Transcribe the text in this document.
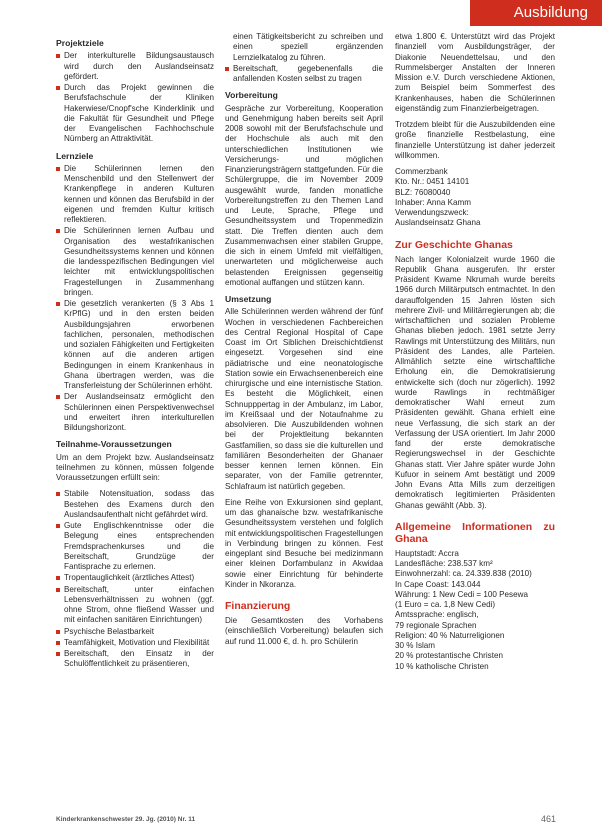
Ausbildung
Projektziele
Der interkulturelle Bildungsaustausch wird durch den Auslandseinsatz gefördert.
Durch das Projekt gewinnen die Berufsfachschule der Kliniken Hakerwiese/Cnopf'sche Kinderklinik und die Fakultät für Gesundheit und Pflege der Evangelischen Fachhochschule Nürnberg an Attraktivität.
Lernziele
Die Schülerinnen lernen den Menschenbild und den Stellenwert der Krankenpflege in anderen Kulturen kennen und können das Berufsbild in der eigenen und fremden Kultur kritisch reflektieren.
Die Schülerinnen lernen Aufbau und Organisation des westafrikanischen Gesundheitssystems kennen und können die landesspezifischen Bedingungen viel leichter mit entwicklungspolitischen Fragestellungen in Zusammenhang bringen.
Die gesetzlich verankerten (§ 3 Abs 1 KrPflG) und in den ersten beiden Ausbildungsjahren erworbenen fachlichen, personalen, methodischen und sozialen Fähigkeiten und Fertigkeiten können auf die anderen artigen Bedingungen in einem Krankenhaus in Ghana übertragen werden, was die Transferleistung der Schülerinnen erhöht.
Der Auslandseinsatz ermöglicht den Schülerinnen einen Perspektivenwechsel und erweitert ihren interkulturellen Bildungshorizont.
Teilnahme-Voraussetzungen

Um an dem Projekt bzw. Auslandseinsatz teilnehmen zu können, müssen folgende Voraussetzungen erfüllt sein:

Stabile Notensituation, sodass das Bestehen des Examens durch den Auslandsaufenthalt nicht gefährdet wird.
Gute Englischkenntnisse oder die Belegung eines entsprechenden Fremdsprachenkurses und die Bereitschaft, Grundzüge der Fantisprache zu erlernen.
Tropentauglichkeit (ärztliches Attest)
Bereitschaft, unter einfachen Lebensverhältnissen zu wohnen (ggf. ohne Strom, ohne fließend Wasser und mit einfachen sanitären Einrichtungen)
Psychische Belastbarkeit
Teamfähigkeit, Motivation und Flexibilität
Bereitschaft, den Einsatz in der Schulöffentlichkeit zu präsentieren,
einen Tätigkeitsbericht zu schreiben und einen speziell ergänzenden Lernzielkatalog zu führen.
Bereitschaft, gegebenenfalls die anfallenden Kosten selbst zu tragen
Vorbereitung

Gespräche zur Vorbereitung, Kooperation und Genehmigung haben bereits seit April 2008 sowohl mit der Berufsfachschule und der Hochschule als auch mit den unterschiedlichen Institutionen wie Versicherungs- und möglichen Finanzierungsträgern stattgefunden. Für die Schülergruppe, die im November 2009 ausgewählt wurde, fanden monatliche Vorbereitungstreffen zu den Themen Land und Leute, Sprache, Pflege und Gesundheitssystem und Tropenmedizin statt. Die Treffen dienten auch dem Zusammenwachsen einer stabilen Gruppe, die sich in einem Umfeld mit vielfältigen, unerwarteten und möglicherweise auch belastenden Ereignissen gegenseitig emotional auffangen und stützen kann.

Umsetzung

Alle Schülerinnen werden während der fünf Wochen in verschiedenen Fachbereichen des Central Regional Hospital of Cape Coast im Ort Siblichen Dreischichtdienst eingesetzt. Vorgesehen sind eine pädiatrische und eine neonatologische Station sowie ein Erwachsenenbereich eine chirurgische und eine internistische Station. Es besteht die Möglichkeit, einen Schnupppertag in der Ambulanz, im Labor, im Kreißsaal und der Notaufnahme zu absolvieren. Die Auszubildenden wohnen bei der Projektleitung bekannten Gastfamilien, so dass sie die kulturellen und familiären Besonderheiten der Ghanaer besser kennen lernen können. Ein separater, von der Familie getrennter, Schlafraum ist natürlich gegeben.

Eine Reihe von Exkursionen sind geplant, um das ghanaische bzw. westafrikanische Gesundheitssystem verstehen und folglich mit entwicklungspolitischen Fragestellungen in Verbindung bringen zu können. Fest eingeplant sind Besuche bei medizinmann einer kleinen Dorfambulanz in Akwidaa sowie einer Einrichtung für behinderte Kinder in Nkoranza.

Finanzierung

Die Gesamtkosten des Vorhabens (einschließlich Vorbereitung) belaufen sich auf rund 11.000 €, d. h. pro Schülerin

etwa 1.800 €. Unterstützt wird das Projekt finanziell vom Ausbildungsträger, der Diakonie Neuendettelsau, und den Rummelsberger Anstalten der Inneren Mission e.V. Durch verschiedene Aktionen, zum Beispiel beim Sommerfest des Krankenhauses, haben die Schülerinnen eigenständig zum Finanzierbeigetragen.

Trotzdem bleibt für die Auszubildenden eine große finanzielle Restbelastung, eine finanzielle Unterstützung ist daher jederzeit willkommen.

Commerzbank
Kto. Nr.: 0451 14101
BLZ: 76080040
Inhaber: Anna Kamm
Verwendungszweck:
Auslandseinsatz Ghana
Zur Geschichte Ghanas

Nach langer Kolonialzeit wurde 1960 die Republik Ghana ausgerufen. Ihr erster Präsident Kwame Nkrumah wurde bereits 1966 durch Militärputsch entmachtet. In den darauffolgenden 15 Jahren lösten sich mehrere Zivil- und Militärregierungen ab; die wirtschaftlichen und sozialen Probleme Ghanas blieben jedoch. 1981 setzte Jerry Rawlings mit Unterstützung des Militärs, nun Präsident des Landes, alle Parteien. Allmählich setzte eine wirtschaftliche Erholung ein, die Demokratisierung entwickelte sich (doch nur zögerlich). 1992 wurde Rawlings in rechtmäßiger demokratischer Wahl erneut zum Präsidenten gewählt. Ghana erhielt eine neue Verfassung, die sich stark an der Verfassung der USA orientiert. Im Jahr 2000 fand der erste demokratische Regierungswechsel in der Geschichte Ghanas statt. Vier Jahre später wurde John Kufuor in seinem Amt bestätigt und 2009 John Evans Atta Mills zum derzeitigen demokratisch legitimierten Präsidenten Ghanas gewählt (Abb. 3).

Allgemeine Informationen zu Ghana
Hauptstadt: Accra
Landesfläche: 238.537 km²
Einwohnerzahl: ca. 24.339.838 (2010)
In Cape Coast: 143.044
Währung: 1 New Cedi = 100 Pesewa
(1 Euro = ca. 1,8 New Cedi)
Amtssprache: englisch,
79 regionale Sprachen
Religion: 40 % Naturreligionen
30 % Islam
20 % protestantische Christen
10 % katholische Christen
Kinderkrankenschwester 29. Jg. (2010) Nr. 11	461
